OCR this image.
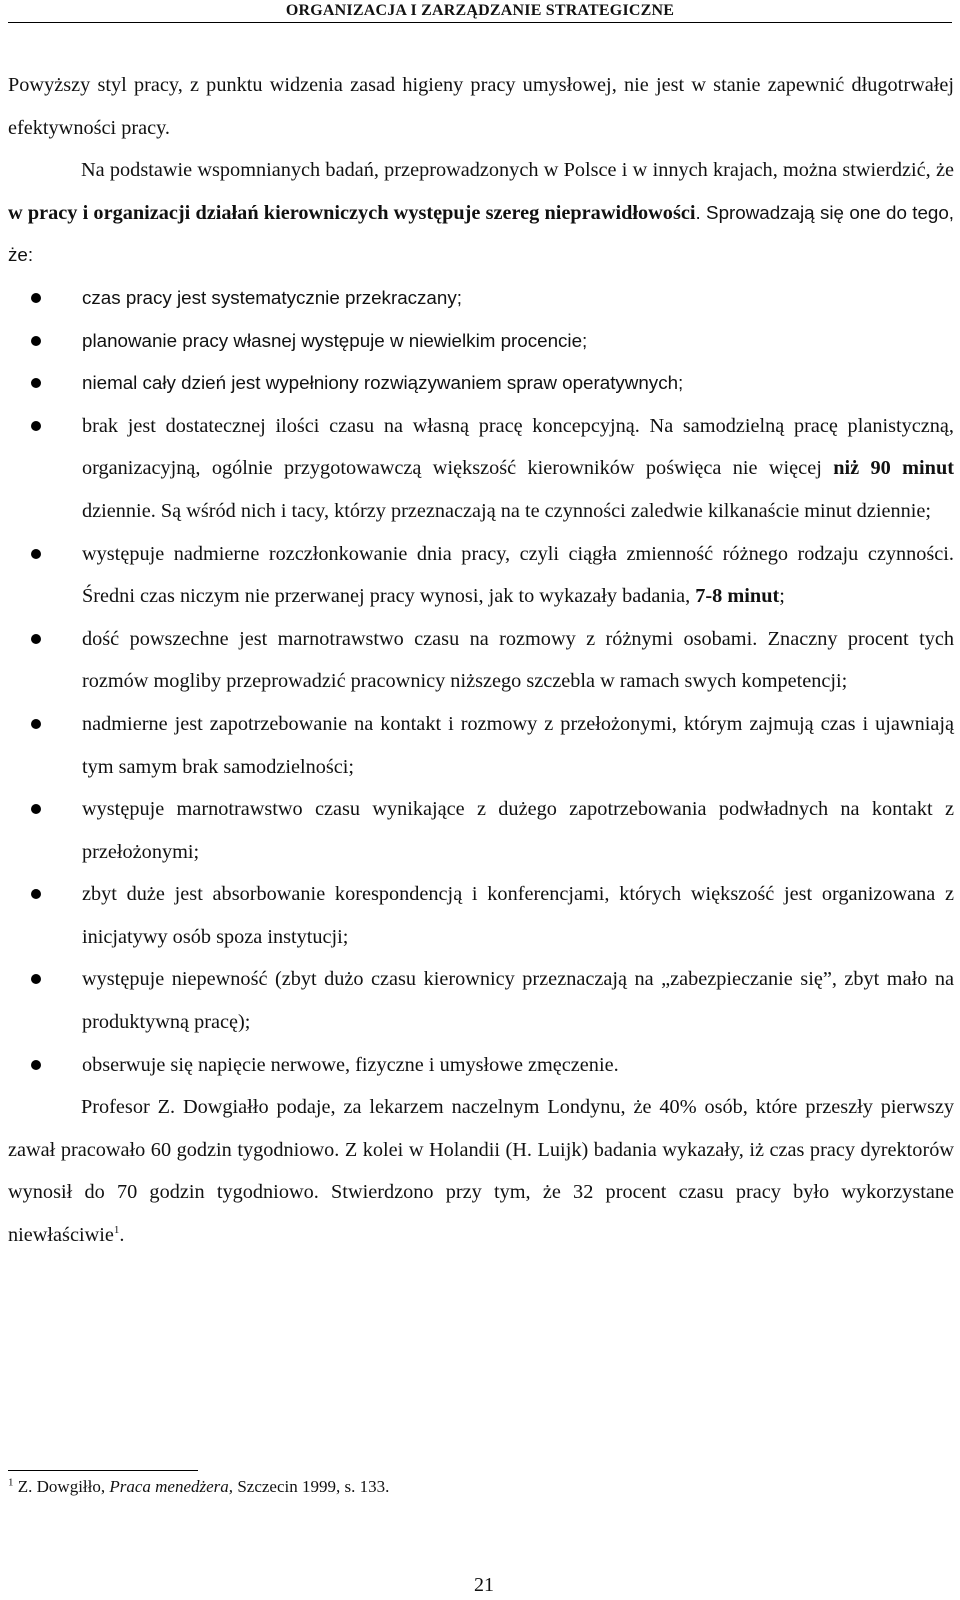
ORGANIZACJA I ZARZĄDZANIE STRATEGICZNE

Powyższy styl pracy, z punktu widzenia zasad higieny pracy umysłowej, nie jest w stanie zapewnić długotrwałej efektywności pracy.

Na podstawie wspomnianych badań, przeprowadzonych w Polsce i w innych krajach, można stwierdzić, że w pracy i organizacji działań kierowniczych występuje szereg nieprawidłowości. Sprowadzają się one do tego, że:

czas pracy jest systematycznie przekraczany;
planowanie pracy własnej występuje w niewielkim procencie;
niemal cały dzień jest wypełniony rozwiązywaniem spraw operatywnych;
brak jest dostatecznej ilości czasu na własną pracę koncepcyjną. Na samodzielną pracę planistyczną, organizacyjną, ogólnie przygotowawczą większość kierowników poświęca nie więcej niż 90 minut dziennie. Są wśród nich i tacy, którzy przeznaczają na te czynności zaledwie kilkanaście minut dziennie;
występuje nadmierne rozczłonkowanie dnia pracy, czyli ciągła zmienność różnego rodzaju czynności. Średni czas niczym nie przerwanej pracy wynosi, jak to wykazały badania, 7-8 minut;
dość powszechne jest marnotrawstwo czasu na rozmowy z różnymi osobami. Znaczny procent tych rozmów mogliby przeprowadzić pracownicy niższego szczebla w ramach swych kompetencji;
nadmierne jest zapotrzebowanie na kontakt i rozmowy z przełożonymi, którym zajmują czas i ujawniają tym samym brak samodzielności;
występuje marnotrawstwo czasu wynikające z dużego zapotrzebowania podwładnych na kontakt z przełożonymi;
zbyt duże jest absorbowanie korespondencją i konferencjami, których większość jest organizowana z inicjatywy osób spoza instytucji;
występuje niepewność (zbyt dużo czasu kierownicy przeznaczają na „zabezpieczanie się”, zbyt mało na produktywną pracę);
obserwuje się napięcie nerwowe, fizyczne i umysłowe zmęczenie.

Profesor Z. Dowgiałło podaje, za lekarzem naczelnym Londynu, że 40% osób, które przeszły pierwszy zawał pracowało 60 godzin tygodniowo. Z kolei w Holandii (H. Luijk) badania wykazały, iż czas pracy dyrektorów wynosił do 70 godzin tygodniowo. Stwierdzono przy tym, że 32 procent czasu pracy było wykorzystane niewłaściwie$^1$.

$^1$ Z. Dowgiłło, Praca menedżera, Szczecin 1999, s. 133.
21
